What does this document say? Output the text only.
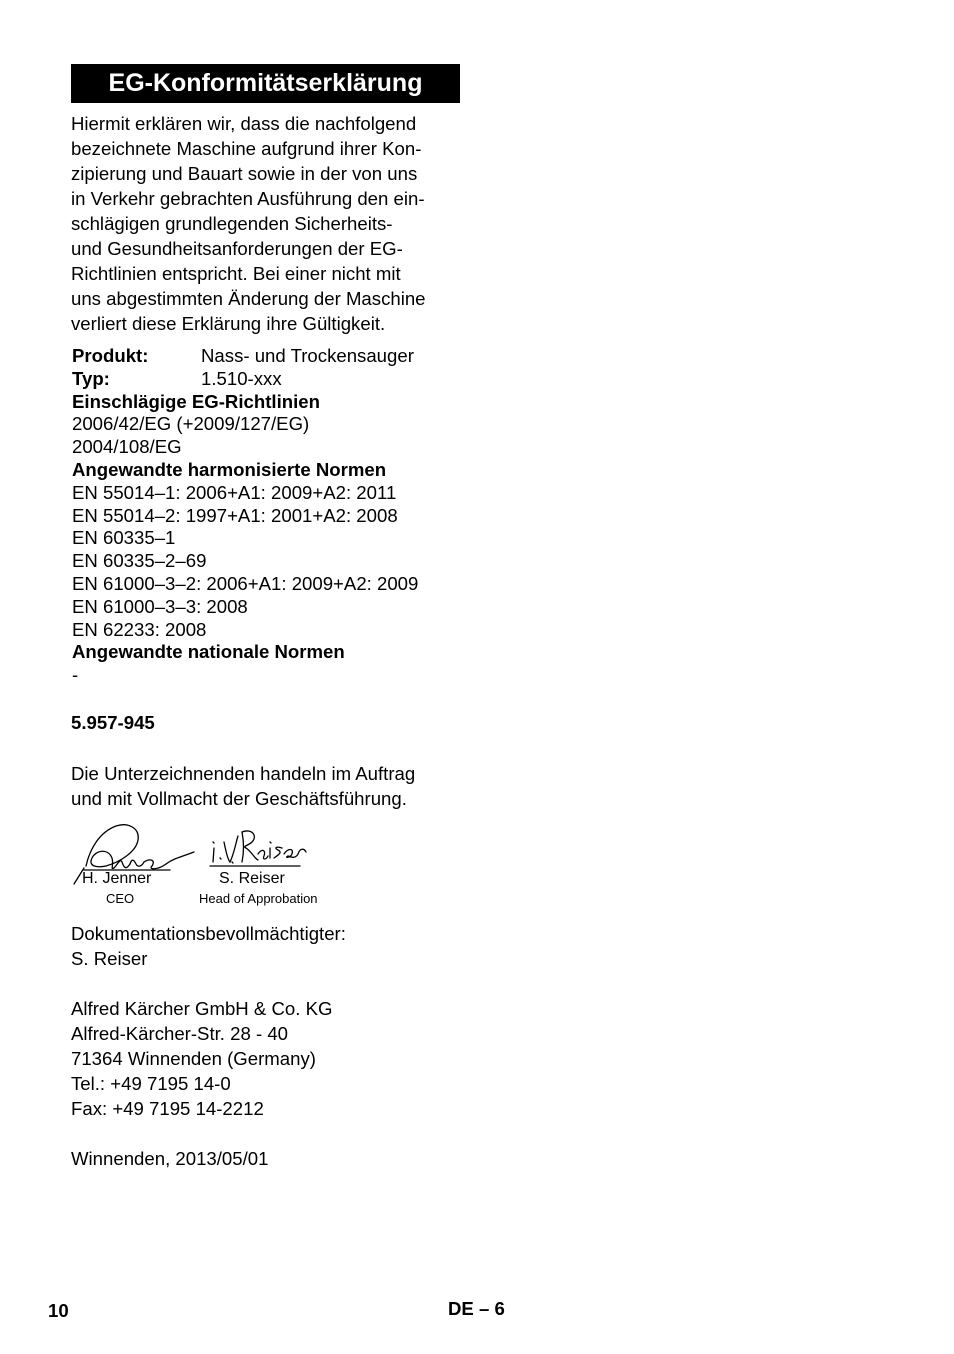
EG-Konformitätserklärung
Hiermit erklären wir, dass die nachfolgend
bezeichnete Maschine aufgrund ihrer Kon-
zipierung und Bauart sowie in der von uns
in Verkehr gebrachten Ausführung den ein-
schlägigen grundlegenden Sicherheits-
und Gesundheitsanforderungen der EG-
Richtlinien entspricht. Bei einer nicht mit
uns abgestimmten Änderung der Maschine
verliert diese Erklärung ihre Gültigkeit.
Produkt:	Nass- und Trockensauger
Typ:	1.510-xxx
Einschlägige EG-Richtlinien
2006/42/EG (+2009/127/EG)
2004/108/EG
Angewandte harmonisierte Normen
EN 55014–1: 2006+A1: 2009+A2: 2011
EN 55014–2: 1997+A1: 2001+A2: 2008
EN 60335–1
EN 60335–2–69
EN 61000–3–2: 2006+A1: 2009+A2: 2009
EN 61000–3–3: 2008
EN 62233: 2008
Angewandte nationale Normen
-
5.957-945
Die Unterzeichnenden handeln im Auftrag
und mit Vollmacht der Geschäftsführung.
H. Jenner
CEO
S. Reiser
Head of Approbation
Dokumentationsbevollmächtigter:
S. Reiser
Alfred Kärcher GmbH & Co. KG
Alfred-Kärcher-Str. 28 - 40
71364 Winnenden (Germany)
Tel.: +49 7195 14-0
Fax: +49 7195 14-2212
Winnenden, 2013/05/01
10	DE – 6
